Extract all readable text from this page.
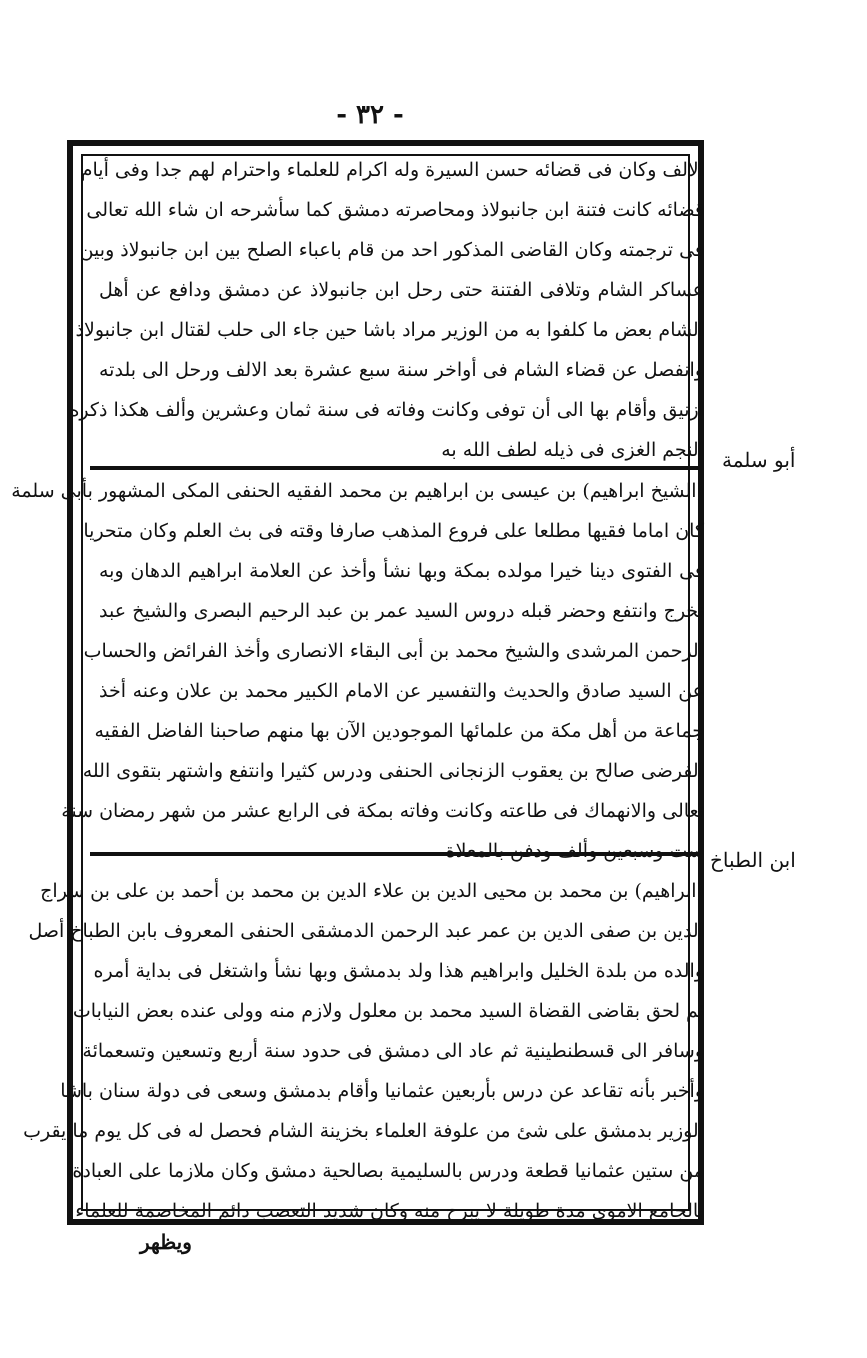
- ٣٢ -
الالف وكان فى قضائه حسن السيرة وله اكرام للعلماء واحترام لهم جدا وفى أيام
قضائه كانت فتنة ابن جانبولاذ ومحاصرته دمشق كما سأشرحه ان شاء الله تعالى
فى ترجمته وكان القاضى المذكور احد من قام باعباء الصلح بين ابن جانبولاذ وبين
عساكر الشام وتلافى الفتنة حتى رحل ابن جانبولاذ عن دمشق ودافع عن أهل
الشام بعض ما كلفوا به من الوزير مراد باشا حين جاء الى حلب لقتال ابن جانبولاذ
وانفصل عن قضاء الشام فى أواخر سنة سبع عشرة بعد الالف ورحل الى بلدته
ازنيق وأقام بها الى أن توفى وكانت وفاته فى سنة ثمان وعشرين وألف هكذا ذكره
النجم الغزى فى ذيله لطف الله به
(الشيخ ابراهيم) بن عيسى بن ابراهيم بن محمد الفقيه الحنفى المكى المشهور بأبى سلمة
كان اماما فقيها مطلعا على فروع المذهب صارفا وقته فى بث العلم وكان متحريا
فى الفتوى دينا خيرا مولده بمكة وبها نشأ وأخذ عن العلامة ابراهيم الدهان وبه
تخرج وانتفع وحضر قبله دروس السيد عمر بن عبد الرحيم البصرى والشيخ عبد
الرحمن المرشدى والشيخ محمد بن أبى البقاء الانصارى وأخذ الفرائض والحساب
عن السيد صادق والحديث والتفسير عن الامام الكبير محمد بن علان وعنه أخذ
جماعة من أهل مكة من علمائها الموجودين الآن بها منهم صاحبنا الفاضل الفقيه
الفرضى صالح بن يعقوب الزنجانى الحنفى ودرس كثيرا وانتفع واشتهر بتقوى الله
تعالى والانهماك فى طاعته وكانت وفاته بمكة فى الرابع عشر من شهر رمضان سنة
ست وسبعين وألف ودفن بالمعلاة
(ابراهيم) بن محمد بن محيى الدين بن علاء الدين بن محمد بن أحمد بن على بن سراج
الدين بن صفى الدين بن عمر عبد الرحمن الدمشقى الحنفى المعروف بابن الطباخ أصل
والده من بلدة الخليل وابراهيم هذا ولد بدمشق وبها نشأ واشتغل فى بداية أمره
ثم لحق بقاضى القضاة السيد محمد بن معلول ولازم منه وولى عنده بعض النيابات
وسافر الى قسطنطينية ثم عاد الى دمشق فى حدود سنة أربع وتسعين وتسعمائة
وأخبر بأنه تقاعد عن درس بأربعين عثمانيا وأقام بدمشق وسعى فى دولة سنان باشا
الوزير بدمشق على شئ من علوفة العلماء بخزينة الشام فحصل له فى كل يوم ما يقرب
من ستين عثمانيا قطعة ودرس بالسليمية بصالحية دمشق وكان ملازما على العبادة
بالجامع الاموى مدة طويلة لا يبرح منه وكان شديد التعصب دائم المخاصمة للعلماء
أبو سلمة
ابن الطباخ
ويظهر
